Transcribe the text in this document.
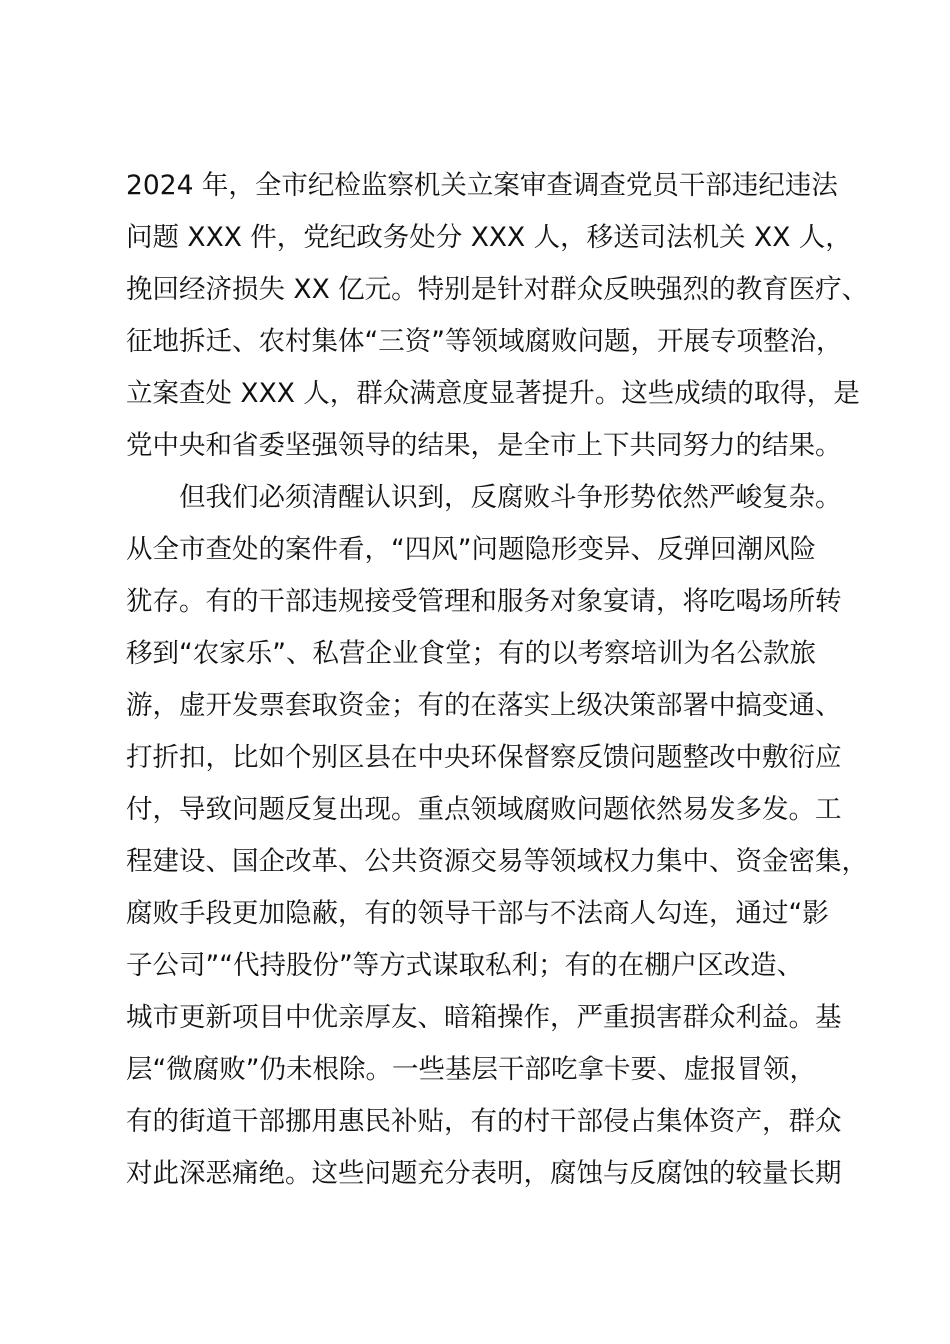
2024 年，全市纪检监察机关立案审查调查党员干部违纪违法
问题 XXX 件，党纪政务处分 XXX 人，移送司法机关 XX 人，
挽回经济损失 XX 亿元。特别是针对群众反映强烈的教育医疗、
征地拆迁、农村集体“三资”等领域腐败问题，开展专项整治，
立案查处 XXX 人，群众满意度显著提升。这些成绩的取得，是
党中央和省委坚强领导的结果，是全市上下共同努力的结果。
　　但我们必须清醒认识到，反腐败斗争形势依然严峻复杂。
从全市查处的案件看，“四风”问题隐形变异、反弹回潮风险
犹存。有的干部违规接受管理和服务对象宴请，将吃喝场所转
移到“农家乐”、私营企业食堂；有的以考察培训为名公款旅
游，虚开发票套取资金；有的在落实上级决策部署中搞变通、
打折扣，比如个别区县在中央环保督察反馈问题整改中敷衍应
付，导致问题反复出现。重点领域腐败问题依然易发多发。工
程建设、国企改革、公共资源交易等领域权力集中、资金密集，
腐败手段更加隐蔽，有的领导干部与不法商人勾连，通过“影
子公司”“代持股份”等方式谋取私利；有的在棚户区改造、
城市更新项目中优亲厚友、暗箱操作，严重损害群众利益。基
层“微腐败”仍未根除。一些基层干部吃拿卡要、虚报冒领，
有的街道干部挪用惠民补贴，有的村干部侵占集体资产，群众
对此深恶痛绝。这些问题充分表明，腐蚀与反腐蚀的较量长期
